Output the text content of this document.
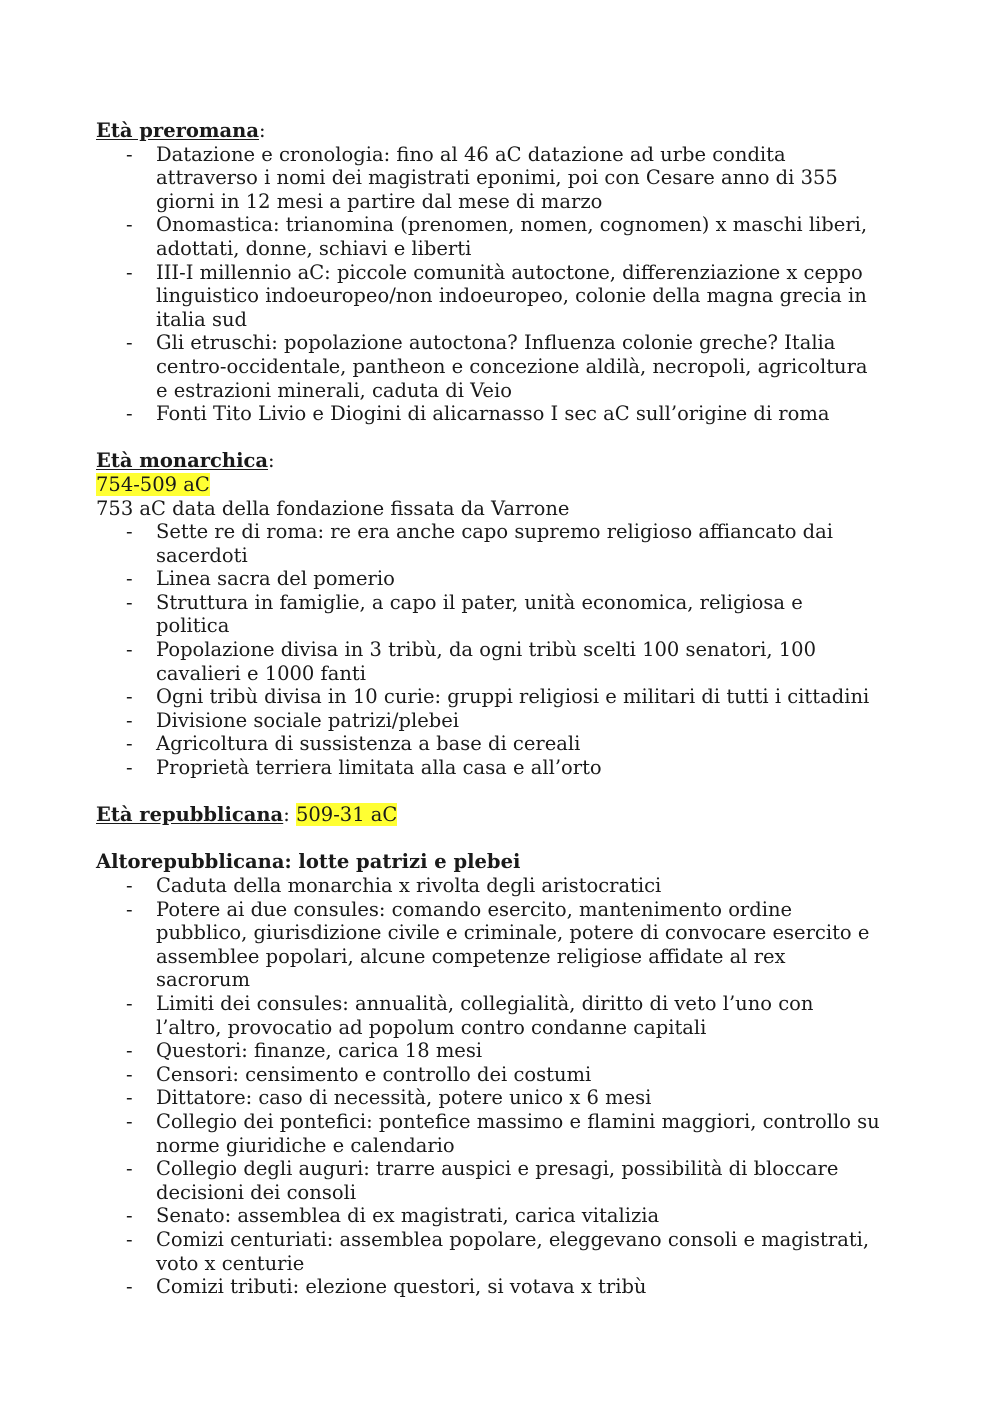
Età preromana:
- Datazione e cronologia: fino al 46 aC datazione ad urbe condita
attraverso i nomi dei magistrati eponimi, poi con Cesare anno di 355
giorni in 12 mesi a partire dal mese di marzo
- Onomastica: trianomina (prenomen, nomen, cognomen) x maschi liberi,
adottati, donne, schiavi e liberti
- III-I millennio aC: piccole comunità autoctone, differenziazione x ceppo
linguistico indoeuropeo/non indoeuropeo, colonie della magna grecia in
italia sud
- Gli etruschi: popolazione autoctona? Influenza colonie greche? Italia
centro-occidentale, pantheon e concezione aldilà, necropoli, agricoltura
e estrazioni minerali, caduta di Veio
- Fonti Tito Livio e Diogini di alicarnasso I sec aC sull’origine di roma
Età monarchica:
754-509 aC
753 aC data della fondazione fissata da Varrone
- Sette re di roma: re era anche capo supremo religioso affiancato dai
sacerdoti
- Linea sacra del pomerio
- Struttura in famiglie, a capo il pater, unità economica, religiosa e
politica
- Popolazione divisa in 3 tribù, da ogni tribù scelti 100 senatori, 100
cavalieri e 1000 fanti
- Ogni tribù divisa in 10 curie: gruppi religiosi e militari di tutti i cittadini
- Divisione sociale patrizi/plebei
- Agricoltura di sussistenza a base di cereali
- Proprietà terriera limitata alla casa e all’orto
Età repubblicana: 509-31 aC
Altorepubblicana: lotte patrizi e plebei
- Caduta della monarchia x rivolta degli aristocratici
- Potere ai due consules: comando esercito, mantenimento ordine
pubblico, giurisdizione civile e criminale, potere di convocare esercito e
assemblee popolari, alcune competenze religiose affidate al rex
sacrorum
- Limiti dei consules: annualità, collegialità, diritto di veto l’uno con
l’altro, provocatio ad popolum contro condanne capitali
- Questori: finanze, carica 18 mesi
- Censori: censimento e controllo dei costumi
- Dittatore: caso di necessità, potere unico x 6 mesi
- Collegio dei pontefici: pontefice massimo e flamini maggiori, controllo su
norme giuridiche e calendario
- Collegio degli auguri: trarre auspici e presagi, possibilità di bloccare
decisioni dei consoli
- Senato: assemblea di ex magistrati, carica vitalizia
- Comizi centuriati: assemblea popolare, eleggevano consoli e magistrati,
voto x centurie
- Comizi tributi: elezione questori, si votava x tribù
